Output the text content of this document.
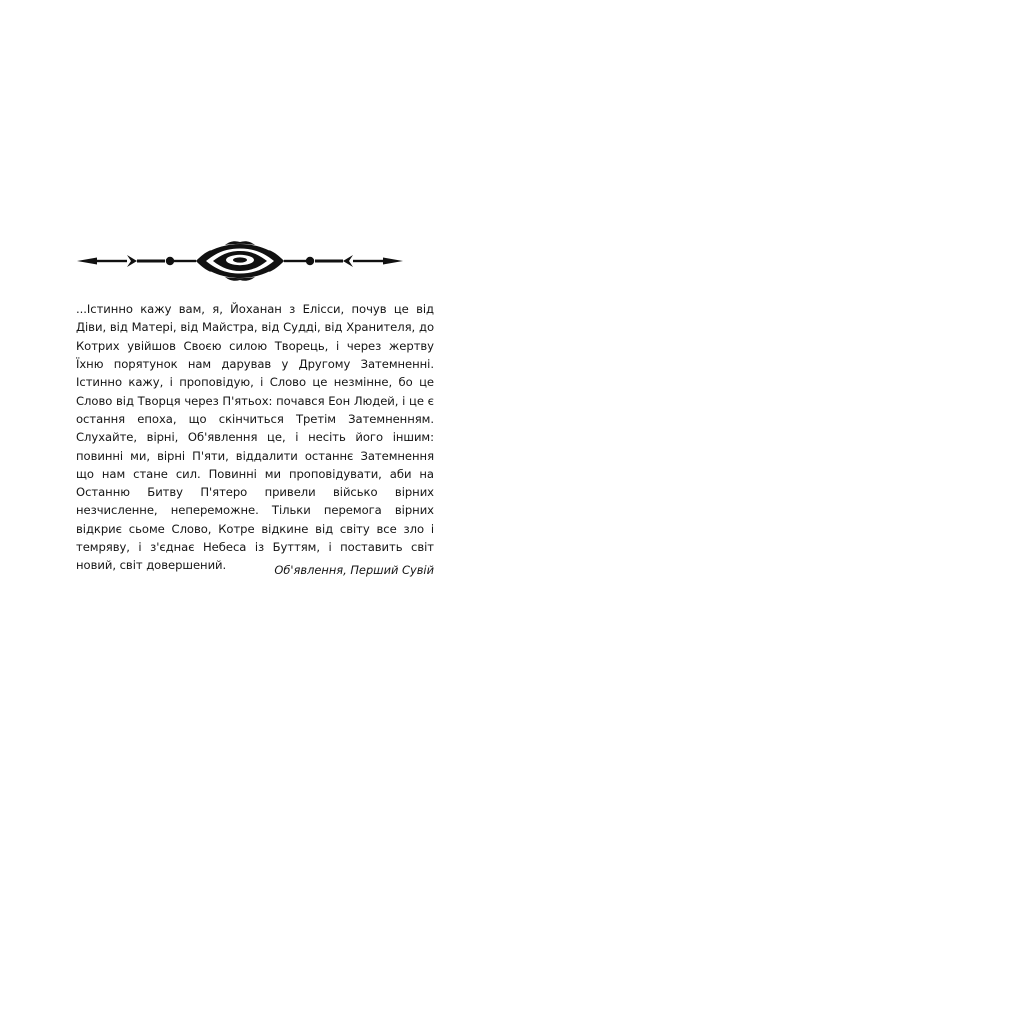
...Істинно кажу вам, я, Йоханан з Елісси, почув це від Діви, від Матері, від Майстра, від Судді, від Хранителя, до Котрих увійшов Своєю силою Творець, і через жертву Їхню порятунок нам дарував у Другому Затемненні. Істинно кажу, і проповідую, і Слово це незмінне, бо це Слово від Творця через П'ятьох: почався Еон Людей, і це є остання епоха, що скінчиться Третім Затемненням. Слухайте, вірні, Об'явлення це, і несіть його іншим: повинні ми, вірні П'яти, віддалити останнє Затемнення що нам стане сил. Повинні ми проповідувати, аби на Останню Битву П'ятеро привели військо вірних незчисленне, непереможне. Тільки перемога вірних відкриє сьоме Слово, Котре відкине від світу все зло і темряву, і з'єднає Небеса із Буттям, і поставить світ новий, світ довершений.	Об'явлення, Перший Сувій
